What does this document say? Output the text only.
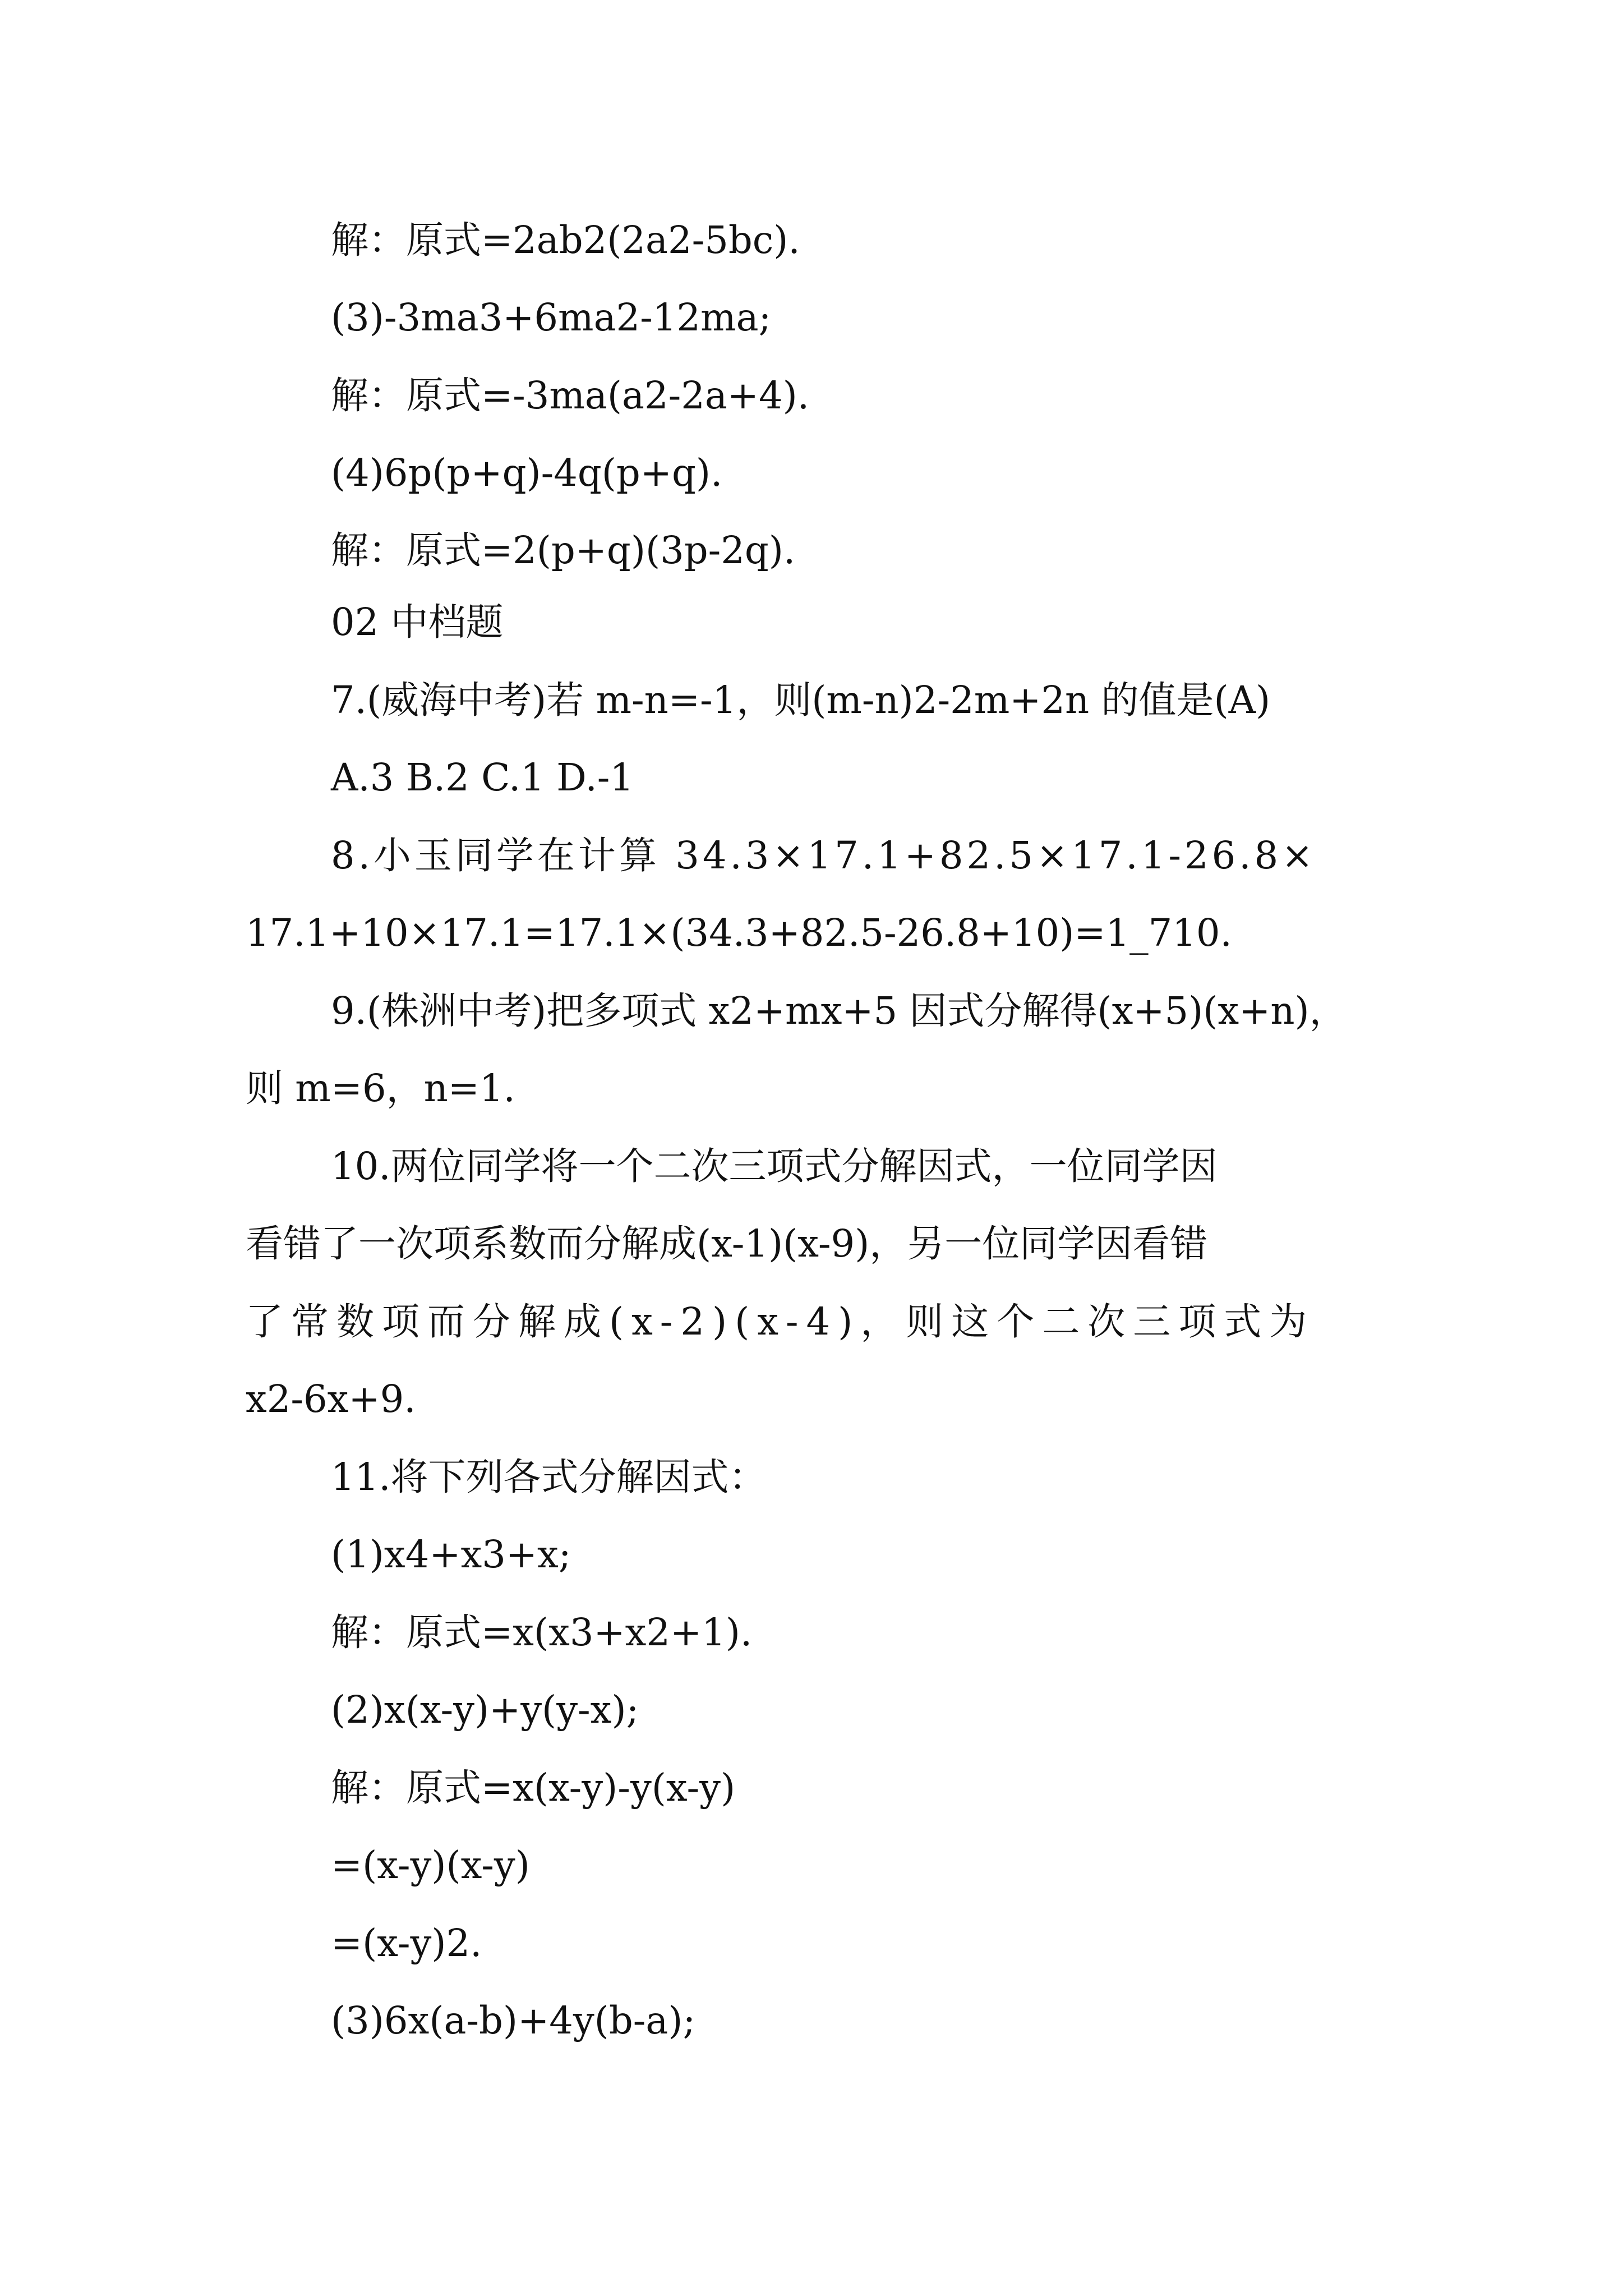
解：原式=2ab2(2a2-5bc).
(3)-3ma3+6ma2-12ma;
解：原式=-3ma(a2-2a+4).
(4)6p(p+q)-4q(p+q).
解：原式=2(p+q)(3p-2q).
02 中档题
7.(威海中考)若 m-n=-1，则(m-n)2-2m+2n 的值是(A)
A.3 B.2 C.1 D.-1
8.小玉同学在计算 34.3×17.1+82.5×17.1-26.8×
17.1+10×17.1=17.1×(34.3+82.5-26.8+10)=1_710.
9.(株洲中考)把多项式 x2+mx+5 因式分解得(x+5)(x+n)，
则 m=6，n=1.
10.两位同学将一个二次三项式分解因式，一位同学因
看错了一次项系数而分解成(x-1)(x-9)，另一位同学因看错
了常数项而分解成(x-2)(x-4)，则这个二次三项式为
x2-6x+9.
11.将下列各式分解因式：
(1)x4+x3+x;
解：原式=x(x3+x2+1).
(2)x(x-y)+y(y-x);
解：原式=x(x-y)-y(x-y)
=(x-y)(x-y)
=(x-y)2.
(3)6x(a-b)+4y(b-a);
